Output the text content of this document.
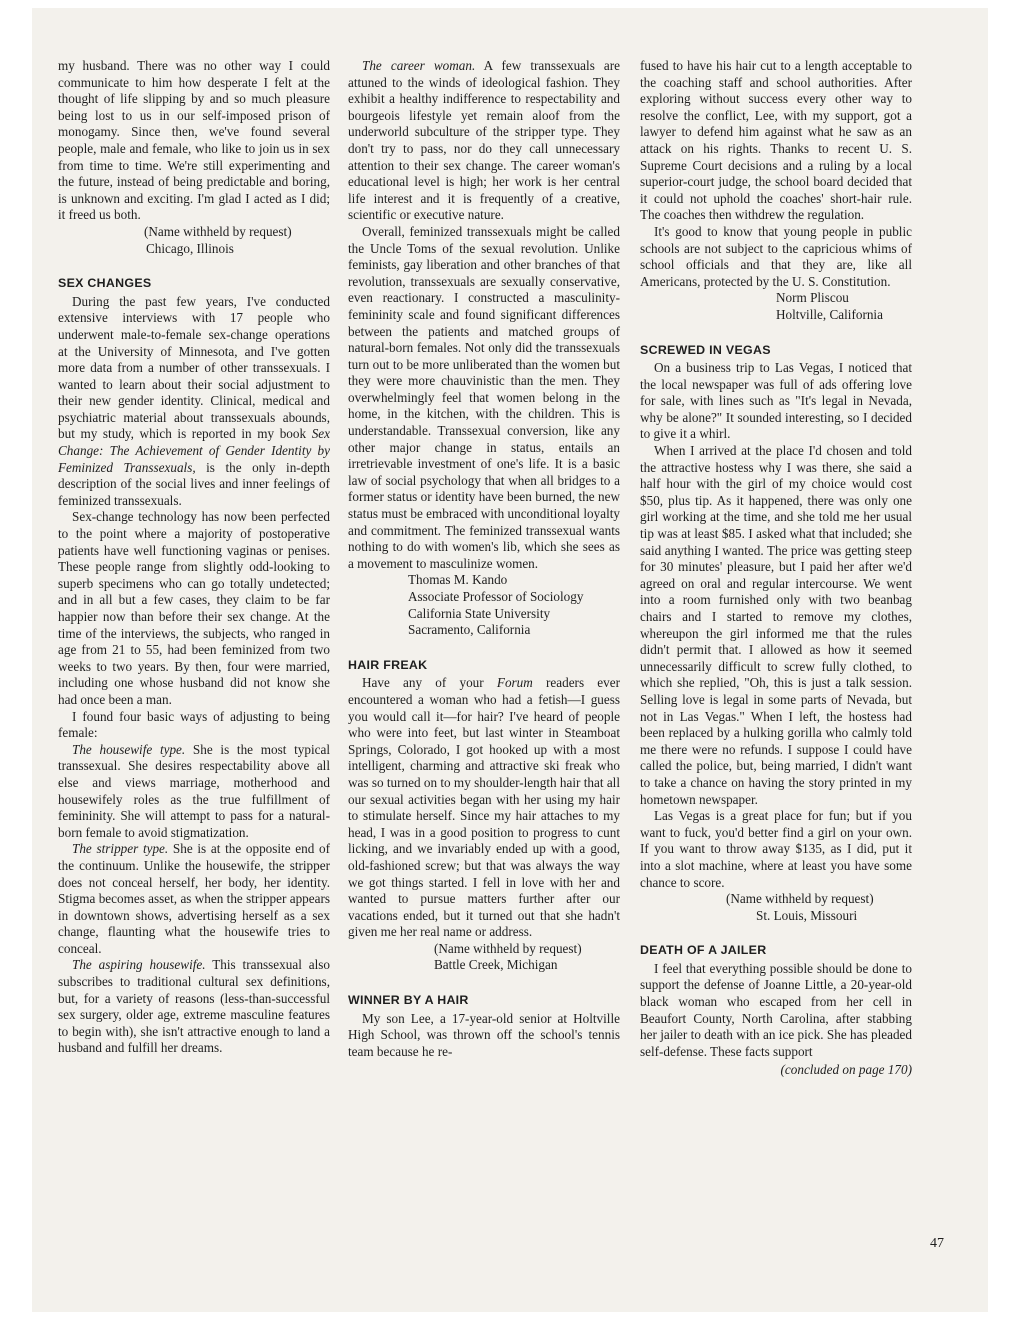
my husband. There was no other way I could communicate to him how desperate I felt at the thought of life slipping by and so much pleasure being lost to us in our self-imposed prison of monogamy. Since then, we've found several people, male and female, who like to join us in sex from time to time. We're still experimenting and the future, instead of being predictable and boring, is unknown and exciting. I'm glad I acted as I did; it freed us both.

(Name withheld by request)
Chicago, Illinois
SEX CHANGES

During the past few years, I've conducted extensive interviews with 17 people who underwent male-to-female sex-change operations at the University of Minnesota, and I've gotten more data from a number of other transsexuals. I wanted to learn about their social adjustment to their new gender identity. Clinical, medical and psychiatric material about transsexuals abounds, but my study, which is reported in my book Sex Change: The Achievement of Gender Identity by Feminized Transsexuals, is the only in-depth description of the social lives and inner feelings of feminized transsexuals.

Sex-change technology has now been perfected to the point where a majority of postoperative patients have well functioning vaginas or penises. These people range from slightly odd-looking to superb specimens who can go totally undetected; and in all but a few cases, they claim to be far happier now than before their sex change. At the time of the interviews, the subjects, who ranged in age from 21 to 55, had been feminized from two weeks to two years. By then, four were married, including one whose husband did not know she had once been a man.

I found four basic ways of adjusting to being female:

The housewife type. She is the most typical transsexual. She desires respectability above all else and views marriage, motherhood and housewifely roles as the true fulfillment of femininity. She will attempt to pass for a natural-born female to avoid stigmatization.

The stripper type. She is at the opposite end of the continuum. Unlike the housewife, the stripper does not conceal herself, her body, her identity. Stigma becomes asset, as when the stripper appears in downtown shows, advertising herself as a sex change, flaunting what the housewife tries to conceal.

The aspiring housewife. This transsexual also subscribes to traditional cultural sex definitions, but, for a variety of reasons (less-than-successful sex surgery, older age, extreme masculine features to begin with), she isn't attractive enough to land a husband and fulfill her dreams.

The career woman. A few transsexuals are attuned to the winds of ideological fashion. They exhibit a healthy indifference to respectability and bourgeois lifestyle yet remain aloof from the underworld subculture of the stripper type. They don't try to pass, nor do they call unnecessary attention to their sex change. The career woman's educational level is high; her work is her central life interest and it is frequently of a creative, scientific or executive nature.

Overall, feminized transsexuals might be called the Uncle Toms of the sexual revolution. Unlike feminists, gay liberation and other branches of that revolution, transsexuals are sexually conservative, even reactionary. I constructed a masculinity-femininity scale and found significant differences between the patients and matched groups of natural-born females. Not only did the transsexuals turn out to be more unliberated than the women but they were more chauvinistic than the men. They overwhelmingly feel that women belong in the home, in the kitchen, with the children. This is understandable. Transsexual conversion, like any other major change in status, entails an irretrievable investment of one's life. It is a basic law of social psychology that when all bridges to a former status or identity have been burned, the new status must be embraced with unconditional loyalty and commitment. The feminized transsexual wants nothing to do with women's lib, which she sees as a movement to masculinize women.

Thomas M. Kando
Associate Professor of Sociology
California State University
Sacramento, California
HAIR FREAK

Have any of your Forum readers ever encountered a woman who had a fetish—I guess you would call it—for hair? I've heard of people who were into feet, but last winter in Steamboat Springs, Colorado, I got hooked up with a most intelligent, charming and attractive ski freak who was so turned on to my shoulder-length hair that all our sexual activities began with her using my hair to stimulate herself. Since my hair attaches to my head, I was in a good position to progress to cunt licking, and we invariably ended up with a good, old-fashioned screw; but that was always the way we got things started. I fell in love with her and wanted to pursue matters further after our vacations ended, but it turned out that she hadn't given me her real name or address.

(Name withheld by request)
Battle Creek, Michigan
WINNER BY A HAIR

My son Lee, a 17-year-old senior at Holtville High School, was thrown off the school's tennis team because he re-

fused to have his hair cut to a length acceptable to the coaching staff and school authorities. After exploring without success every other way to resolve the conflict, Lee, with my support, got a lawyer to defend him against what he saw as an attack on his rights. Thanks to recent U. S. Supreme Court decisions and a ruling by a local superior-court judge, the school board decided that it could not uphold the coaches' short-hair rule. The coaches then withdrew the regulation.

It's good to know that young people in public schools are not subject to the capricious whims of school officials and that they are, like all Americans, protected by the U. S. Constitution.

Norm Pliscou
Holtville, California
SCREWED IN VEGAS

On a business trip to Las Vegas, I noticed that the local newspaper was full of ads offering love for sale, with lines such as "It's legal in Nevada, why be alone?" It sounded interesting, so I decided to give it a whirl.

When I arrived at the place I'd chosen and told the attractive hostess why I was there, she said a half hour with the girl of my choice would cost $50, plus tip. As it happened, there was only one girl working at the time, and she told me her usual tip was at least $85. I asked what that included; she said anything I wanted. The price was getting steep for 30 minutes' pleasure, but I paid her after we'd agreed on oral and regular intercourse. We went into a room furnished only with two beanbag chairs and I started to remove my clothes, whereupon the girl informed me that the rules didn't permit that. I allowed as how it seemed unnecessarily difficult to screw fully clothed, to which she replied, "Oh, this is just a talk session. Selling love is legal in some parts of Nevada, but not in Las Vegas." When I left, the hostess had been replaced by a hulking gorilla who calmly told me there were no refunds. I suppose I could have called the police, but, being married, I didn't want to take a chance on having the story printed in my hometown newspaper.

Las Vegas is a great place for fun; but if you want to fuck, you'd better find a girl on your own. If you want to throw away $135, as I did, put it into a slot machine, where at least you have some chance to score.

(Name withheld by request)
St. Louis, Missouri
DEATH OF A JAILER

I feel that everything possible should be done to support the defense of Joanne Little, a 20-year-old black woman who escaped from her cell in Beaufort County, North Carolina, after stabbing her jailer to death with an ice pick. She has pleaded self-defense. These facts support

(concluded on page 170)
47
